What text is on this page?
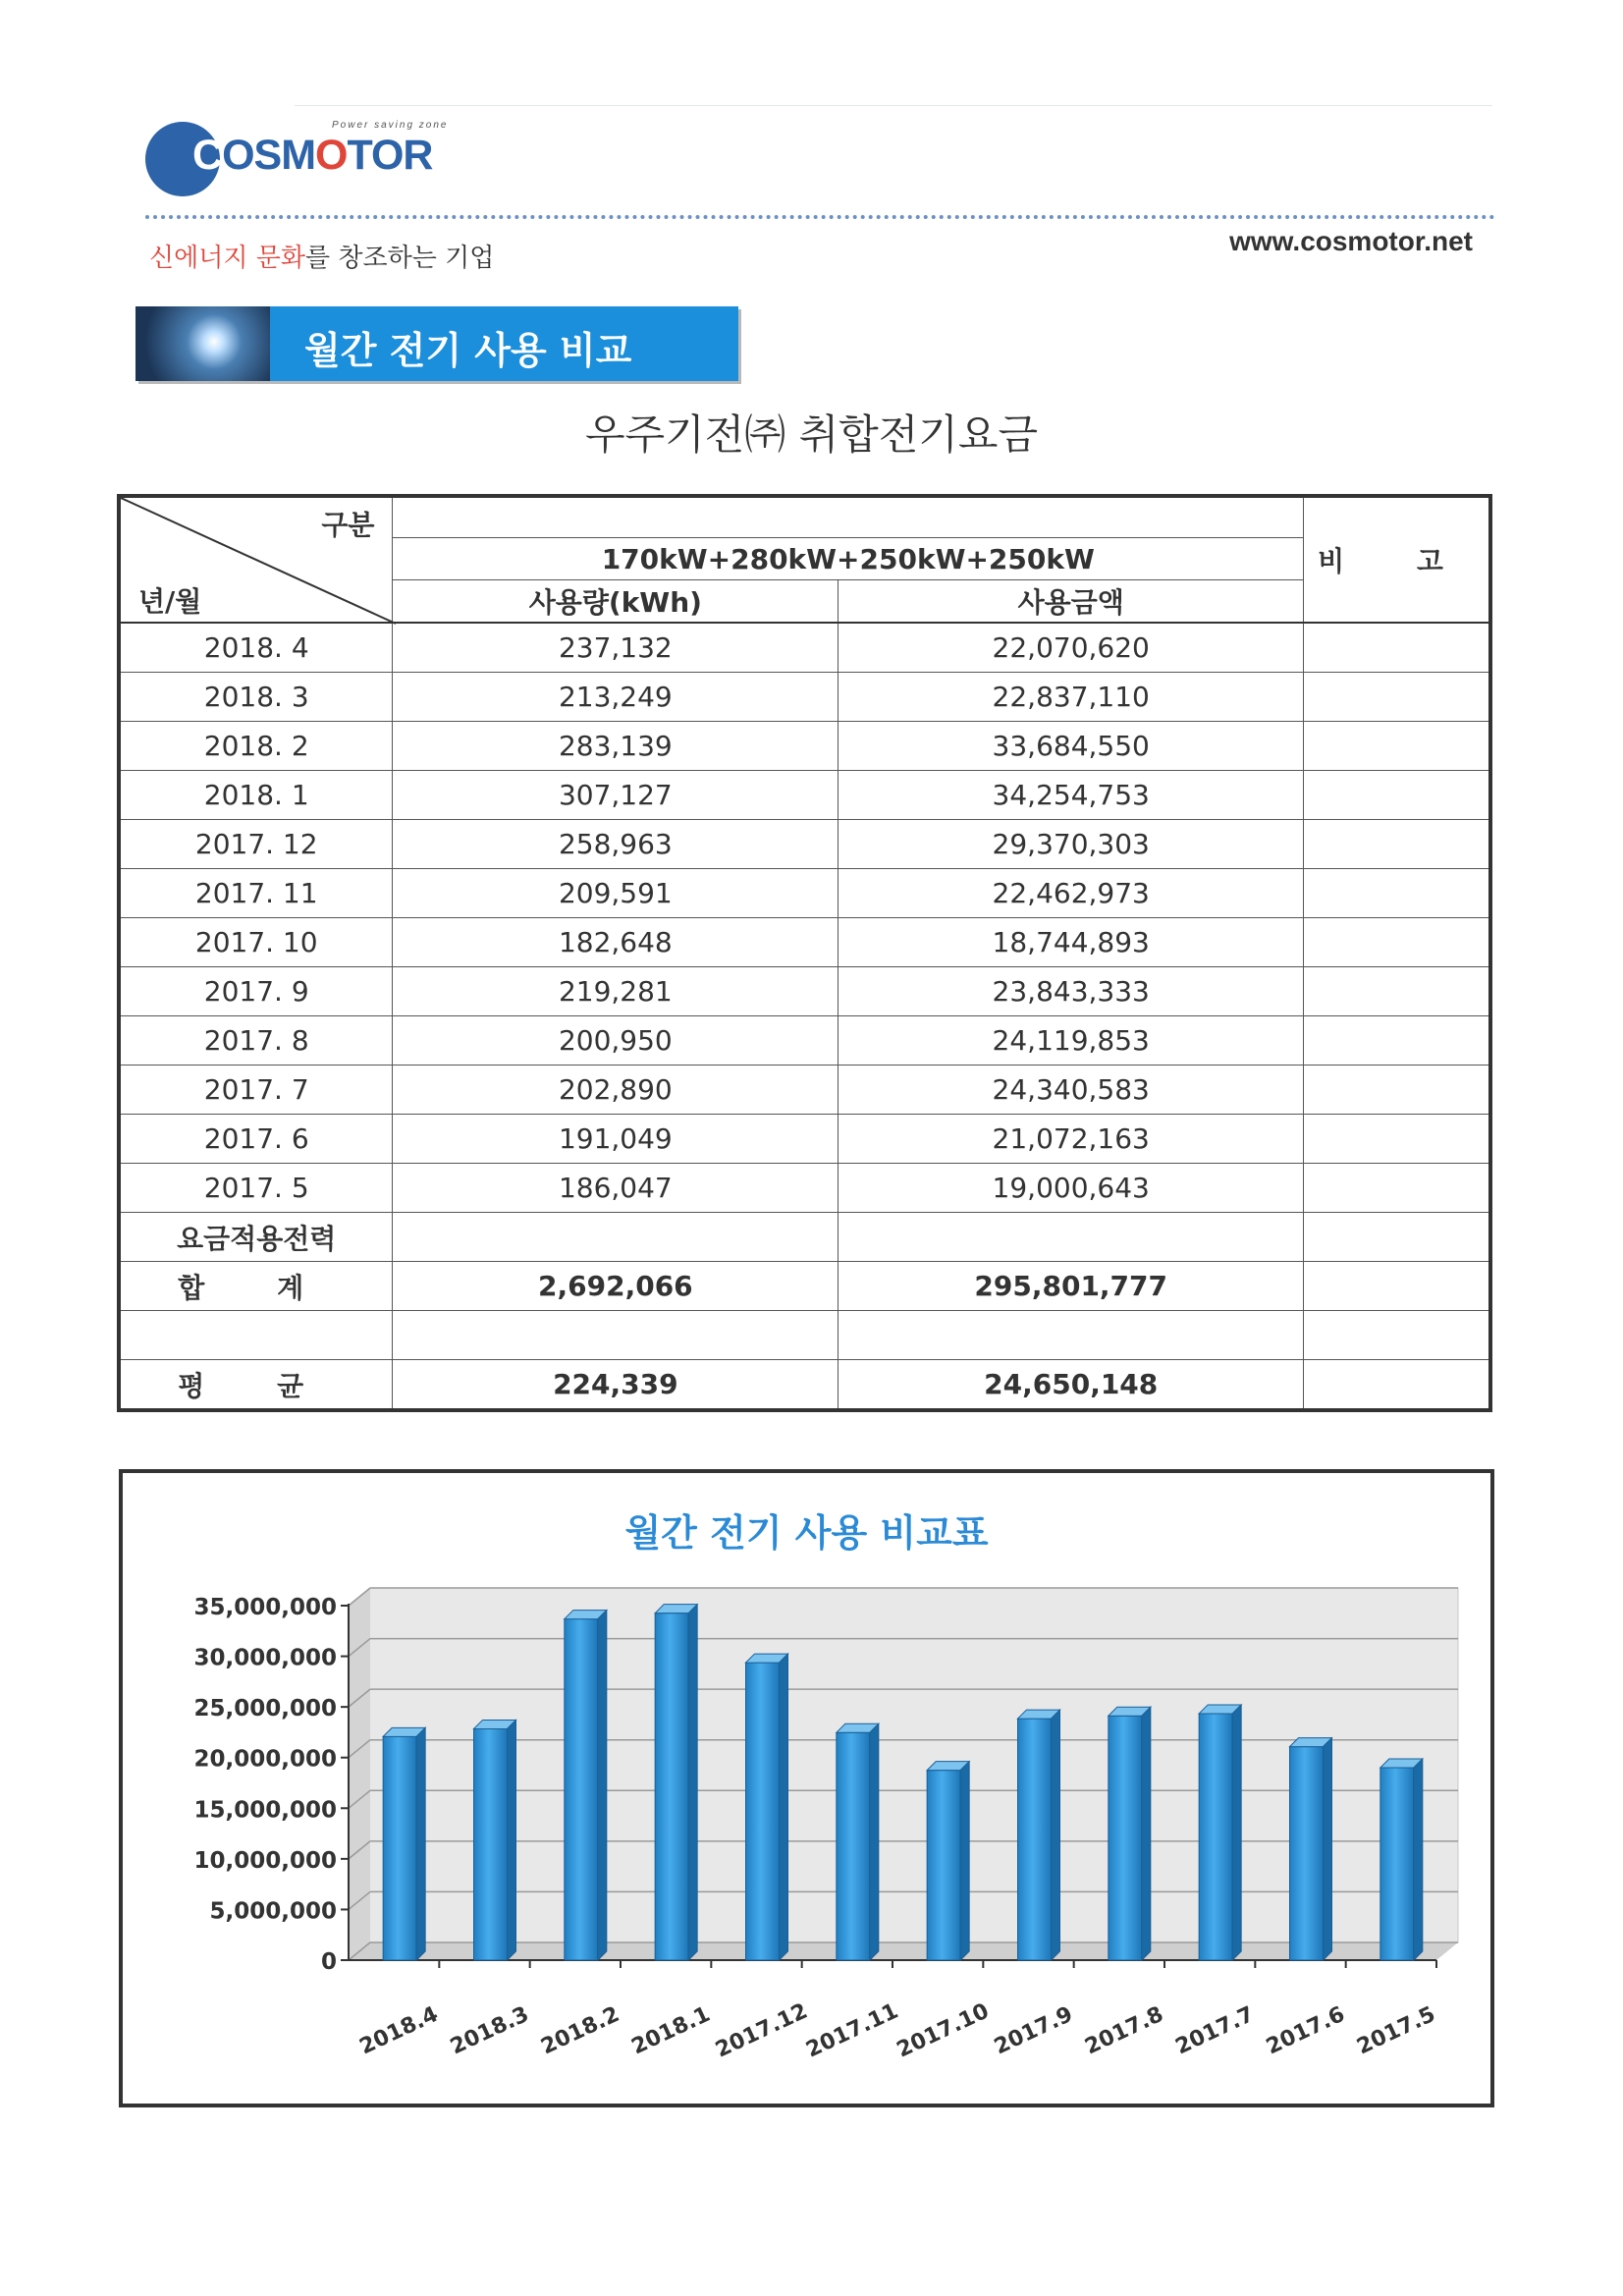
COSMOTOR
Power saving zone
신에너지 문화를 창조하는 기업
www.cosmotor.net
월간 전기 사용 비교
우주기전㈜ 취합전기요금
구분
년/월			비 고
	170kW+280kW+250kW+250kW		
	사용량(kWh)	사용금액	
2018. 4	237,132	22,070,620	
2018. 3	213,249	22,837,110	
2018. 2	283,139	33,684,550	
2018. 1	307,127	34,254,753	
2017. 12	258,963	29,370,303	
2017. 11	209,591	22,462,973	
2017. 10	182,648	18,744,893	
2017. 9	219,281	23,843,333	
2017. 8	200,950	24,119,853	
2017. 7	202,890	24,340,583	
2017. 6	191,049	21,072,163	
2017. 5	186,047	19,000,643	
요금적용전력			
합 계	2,692,066	295,801,777	

평 균	224,339	24,650,148	
월간 전기 사용 비교표
0
5,000,000
10,000,000
15,000,000
20,000,000
25,000,000
30,000,000
35,000,000
2018.4 2018.3 2018.2 2018.1
2017.12
2017.11
2017.10
2017.9 2017.8 2017.7 2017.6 2017.5
